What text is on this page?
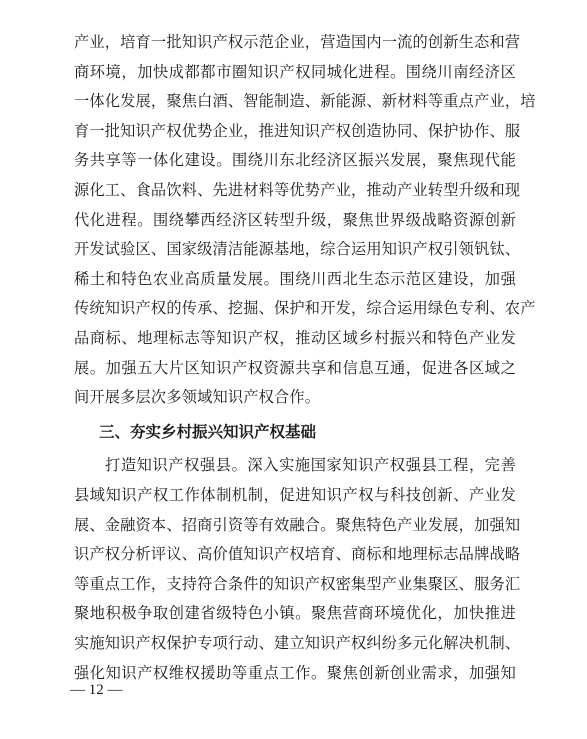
产业，培育一批知识产权示范企业，营造国内一流的创新生态和营
商环境，加快成都都市圈知识产权同城化进程。围绕川南经济区
一体化发展，聚焦白酒、智能制造、新能源、新材料等重点产业，培
育一批知识产权优势企业，推进知识产权创造协同、保护协作、服
务共享等一体化建设。围绕川东北经济区振兴发展，聚焦现代能
源化工、食品饮料、先进材料等优势产业，推动产业转型升级和现
代化进程。围绕攀西经济区转型升级，聚焦世界级战略资源创新
开发试验区、国家级清洁能源基地，综合运用知识产权引领钒钛、
稀土和特色农业高质量发展。围绕川西北生态示范区建设，加强
传统知识产权的传承、挖掘、保护和开发，综合运用绿色专利、农产
品商标、地理标志等知识产权，推动区域乡村振兴和特色产业发
展。加强五大片区知识产权资源共享和信息互通，促进各区域之
间开展多层次多领域知识产权合作。
三、夯实乡村振兴知识产权基础
打造知识产权强县。深入实施国家知识产权强县工程，完善
县域知识产权工作体制机制，促进知识产权与科技创新、产业发
展、金融资本、招商引资等有效融合。聚焦特色产业发展，加强知
识产权分析评议、高价值知识产权培育、商标和地理标志品牌战略
等重点工作，支持符合条件的知识产权密集型产业集聚区、服务汇
聚地积极争取创建省级特色小镇。聚焦营商环境优化，加快推进
实施知识产权保护专项行动、建立知识产权纠纷多元化解决机制、
强化知识产权维权援助等重点工作。聚焦创新创业需求，加强知
— 12 —
